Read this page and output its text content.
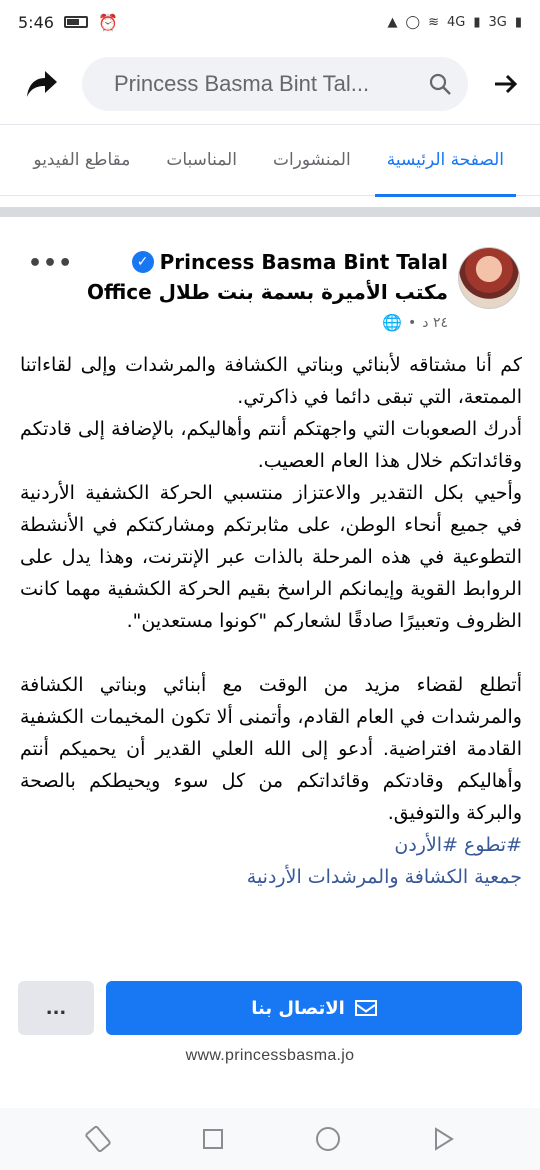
5:46	⏰	▲ ◯ ≋ 4G ▮ 3G ▮
Princess Basma Bint Tal...
الصفحة الرئيسية
المنشورات
المناسبات
مقاطع الفيديو
Princess Basma Bint Talal
✓
مكتب الأميرة بسمة بنت طلال Office
٢٤ د
•
🌐
•••

كم أنا مشتاقه لأبنائي وبناتي الكشافة والمرشدات وإلى لقاءاتنا الممتعة، التي تبقى دائما في ذاكرتي.

أدرك الصعوبات التي واجهتكم أنتم وأهاليكم، بالإضافة إلى قادتكم وقائداتكم خلال هذا العام العصيب.

وأحيي بكل التقدير والاعتزاز منتسبي الحركة الكشفية الأردنية في جميع أنحاء الوطن، على مثابرتكم ومشاركتكم في الأنشطة التطوعية في هذه المرحلة بالذات عبر الإنترنت، وهذا يدل على الروابط القوية وإيمانكم الراسخ بقيم الحركة الكشفية مهما كانت الظروف وتعبيرًا صادقًا لشعاركم "كونوا مستعدين".

أتطلع لقضاء مزيد من الوقت مع أبنائي وبناتي الكشافة والمرشدات في العام القادم، وأتمنى ألا تكون المخيمات الكشفية القادمة افتراضية. أدعو إلى الله العلي القدير أن يحميكم أنتم وأهاليكم وقادتكم وقائداتكم من كل سوء ويحيطكم بالصحة والبركة والتوفيق.

#تطوع #الأردن

جمعية الكشافة والمرشدات الأردنية

...	الاتصال بنا
www.princessbasma.jo
